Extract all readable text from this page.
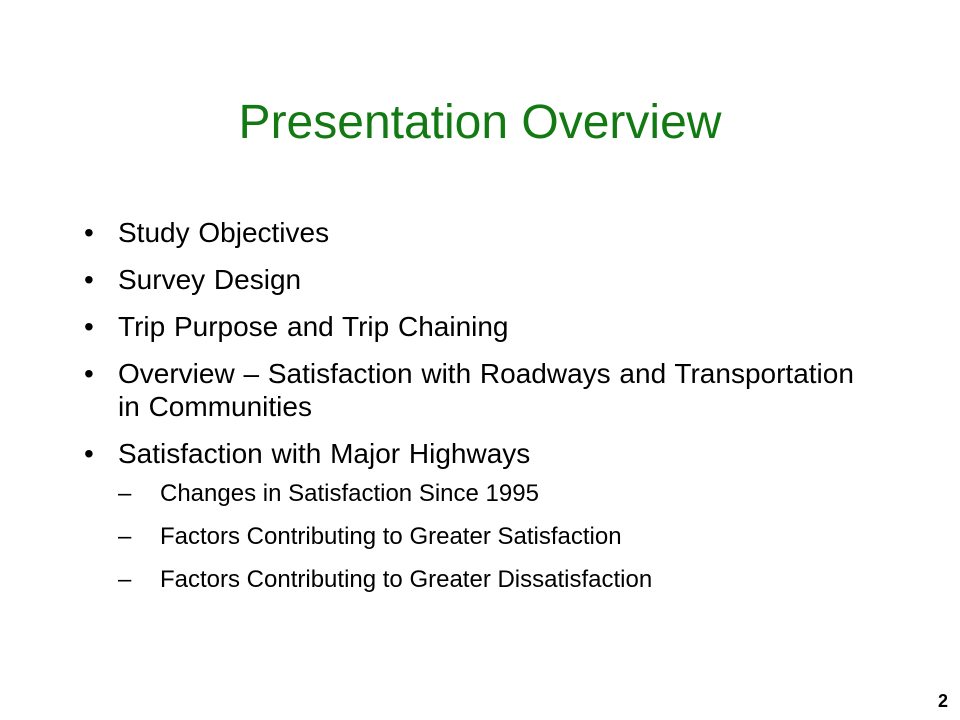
Presentation Overview
• Study Objectives
• Survey Design
• Trip Purpose and Trip Chaining
• Overview – Satisfaction with Roadways and Transportation in Communities
• Satisfaction with Major Highways
–	Changes in Satisfaction Since 1995
–	Factors Contributing to Greater Satisfaction
–	Factors Contributing to Greater Dissatisfaction
2
